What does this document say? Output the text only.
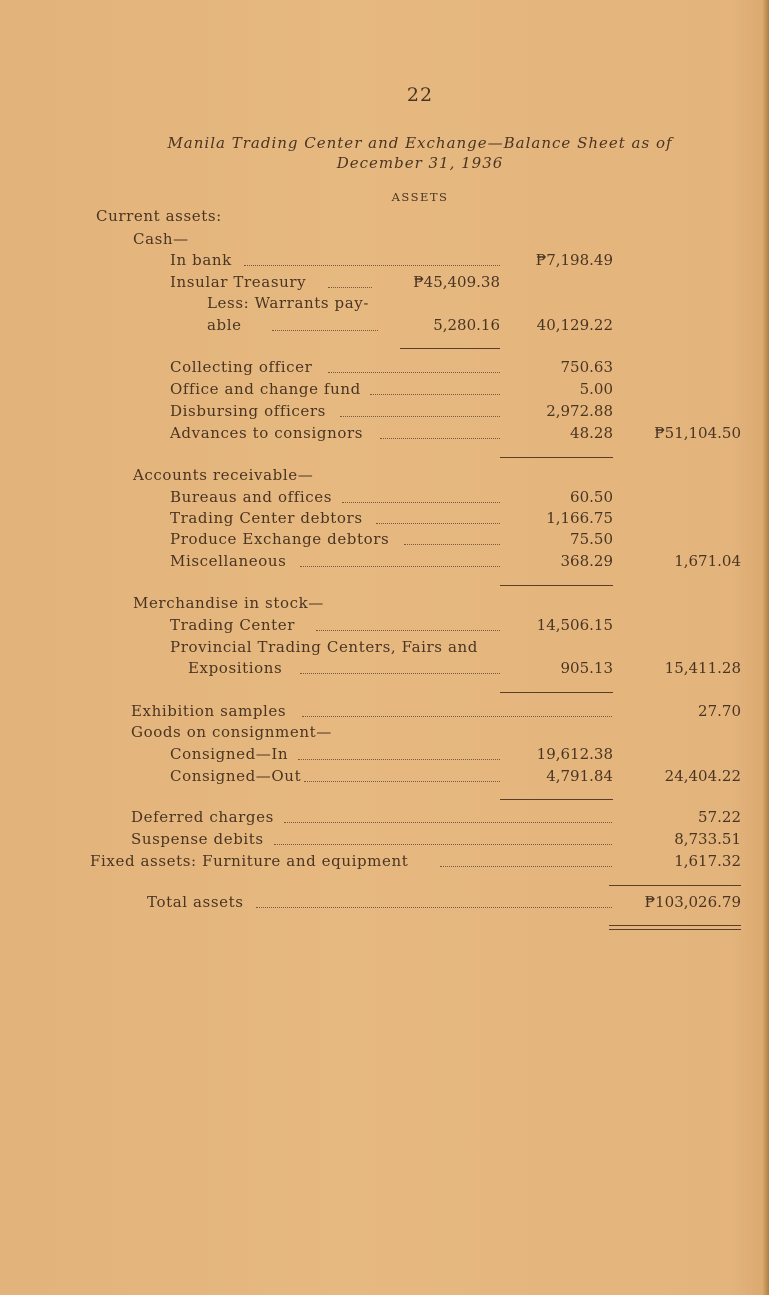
22
Manila Trading Center and Exchange—Balance Sheet as of
December 31, 1936
ASSETS
Current assets:
Cash—
In bank	₱7,198.49
Insular Treasury	₱45,409.38
Less: Warrants pay-
able	5,280.16 40,129.22
Collecting officer	750.63
Office and change fund	5.00
Disbursing officers	2,972.88
Advances to consignors	48.28	₱51,104.50
Accounts receivable—
Bureaus and offices	60.50
Trading Center debtors	1,166.75
Produce Exchange debtors	75.50
Miscellaneous	368.29	1,671.04
Merchandise in stock—
Trading Center	14,506.15
Provincial Trading Centers, Fairs and
Expositions	905.13	15,411.28
Exhibition samples	27.70
Goods on consignment—
Consigned—In	19,612.38
Consigned—Out	4,791.84	24,404.22
Deferred charges	57.22
Suspense debits	8,733.51
Fixed assets: Furniture and equipment	1,617.32
Total assets	₱103,026.79
